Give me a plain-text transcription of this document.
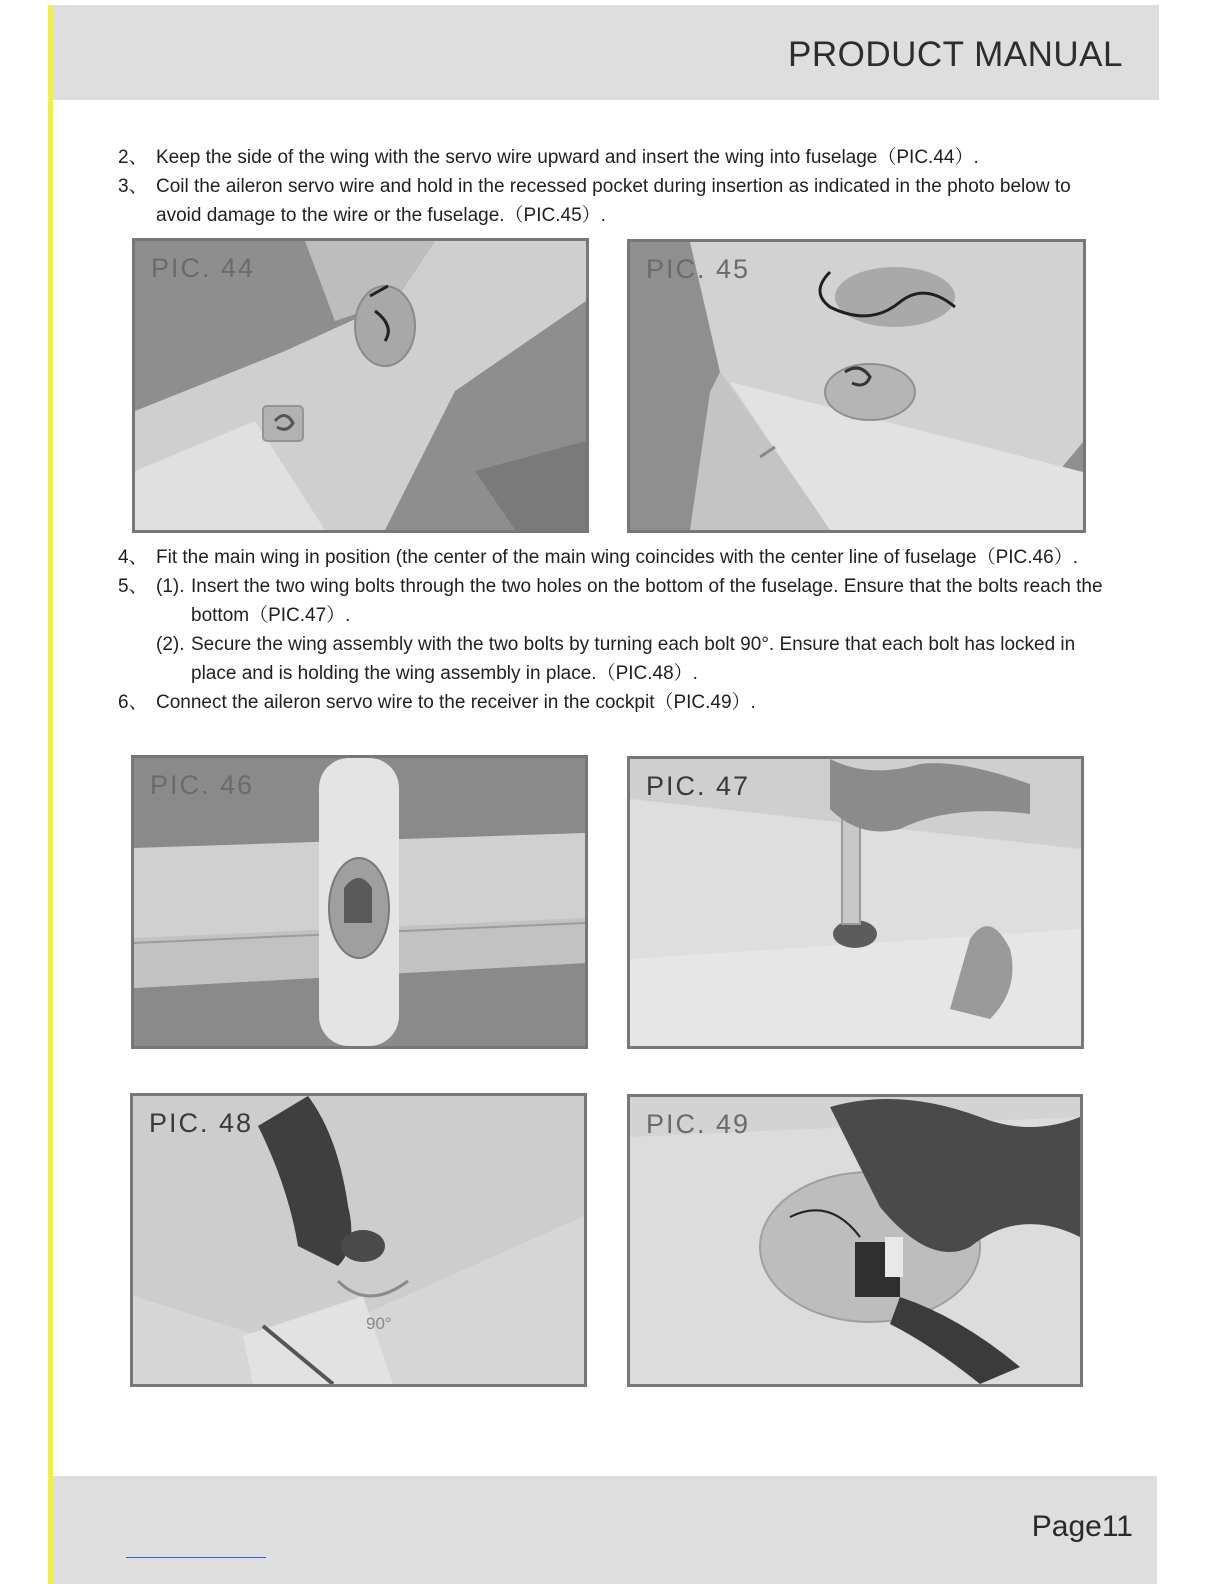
PRODUCT MANUAL
2、 Keep the side of the wing with the servo wire upward and insert the wing into fuselage（PIC.44）.
3、 Coil the aileron servo wire and hold in the recessed pocket during insertion as indicated in the photo below to avoid damage to the wire or the fuselage.（PIC.45）.
PIC. 44	PIC. 45
4、 Fit the main wing in position (the center of the main wing coincides with the center line of fuselage（PIC.46）.
5、 (1). Insert the two wing bolts through the two holes on the bottom of the fuselage. Ensure that the bolts reach the bottom（PIC.47）.
(2). Secure the wing assembly with the two bolts by turning each bolt 90°. Ensure that each bolt has locked in place and is holding the wing assembly in place.（PIC.48）.
6、 Connect the aileron servo wire to the receiver in the cockpit（PIC.49）.
PIC. 46	PIC. 47
PIC. 48
90°
PIC. 49
Page11
